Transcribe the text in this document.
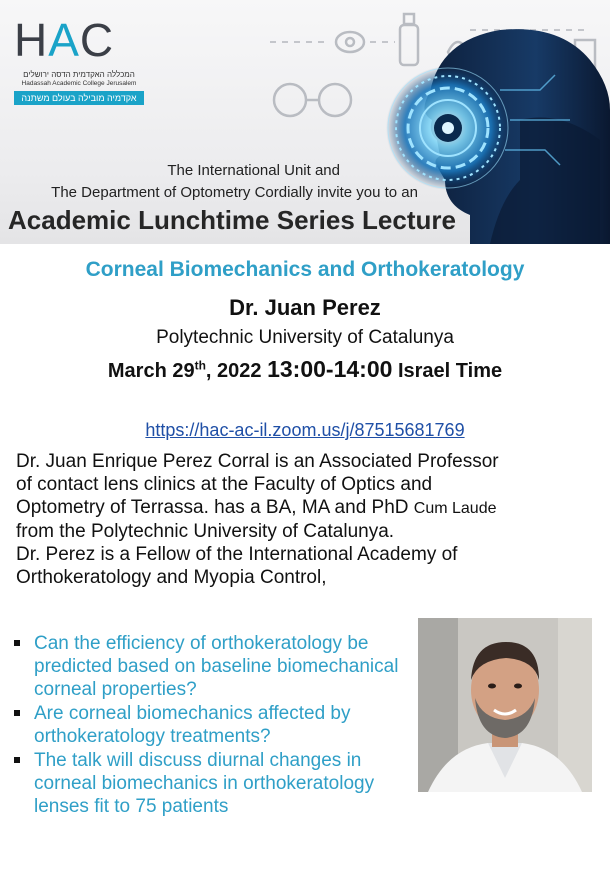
HAC
המכללה האקדמית הדסה ירושלים
Hadassah Academic College Jerusalem
אקדמיה מובילה בעולם משתנה
The International Unit and
The Department of Optometry Cordially invite you to an
Academic Lunchtime Series Lecture
Corneal Biomechanics and Orthokeratology
Dr. Juan Perez
Polytechnic University of Catalunya
March 29th, 2022 13:00-14:00 Israel Time
https://hac-ac-il.zoom.us/j/87515681769
Dr. Juan Enrique Perez Corral is an Associated Professor
of contact lens clinics at the Faculty of Optics and
Optometry of Terrassa. has a BA, MA and PhD Cum Laude
from the Polytechnic University of Catalunya.
Dr. Perez is a Fellow of the International Academy of
Orthokeratology and Myopia Control,
Can the efficiency of orthokeratology be predicted based on baseline biomechanical corneal properties?
Are corneal biomechanics affected by orthokeratology treatments?
The talk will discuss diurnal changes in corneal biomechanics in orthokeratology lenses fit to 75 patients
